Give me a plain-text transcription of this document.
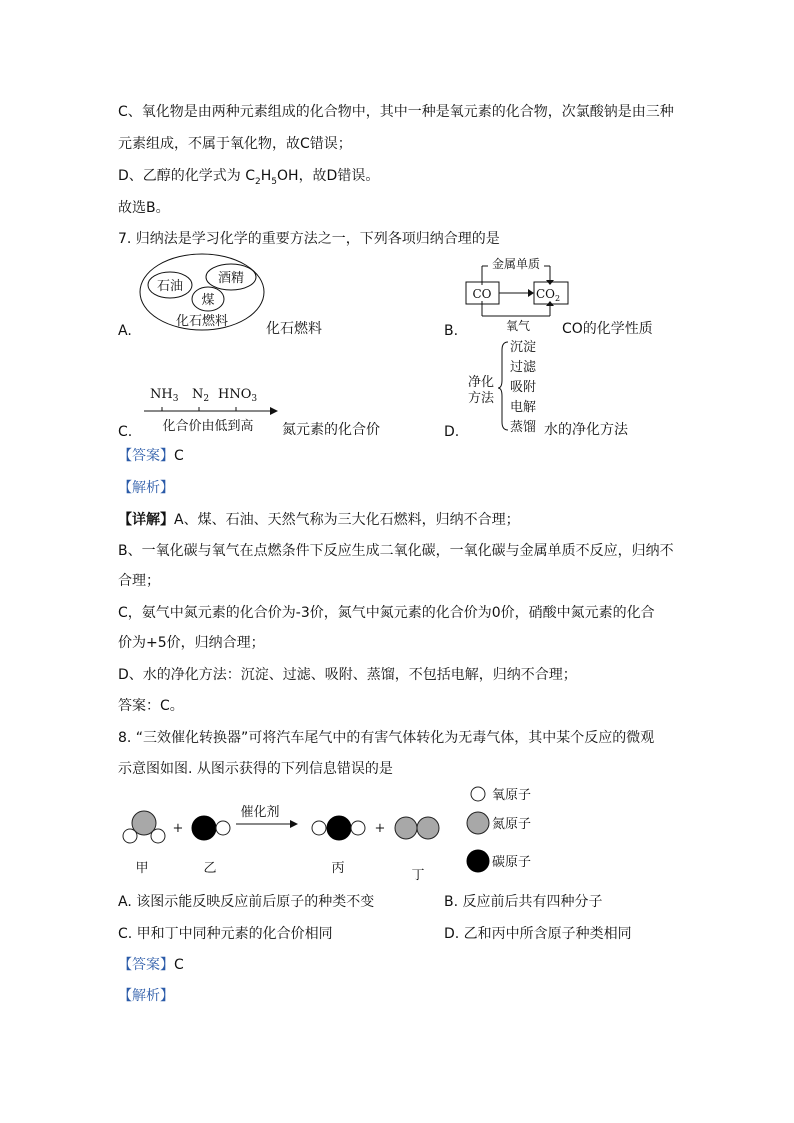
C、氧化物是由两种元素组成的化合物中，其中一种是氧元素的化合物，次氯酸钠是由三种
元素组成，不属于氧化物，故C错误；
D、乙醇的化学式为 $C_2H_5OH$，故D错误。
故选B。
7. 归纳法是学习化学的重要方法之一，下列各项归纳合理的是
石油
酒精
煤
化石燃料
A.	化石燃料
金属单质
CO	$CO_2$
氧气
B.	CO的化学性质
$NH_3$ $N_2$ $HNO_3$
化合价由低到高
C.	氮元素的化合价
净化
方法
沉淀
过滤
吸附
电解
蒸馏
D.	水的净化方法
【答案】C
【解析】
【详解】A、煤、石油、天然气称为三大化石燃料，归纳不合理；
B、一氧化碳与氧气在点燃条件下反应生成二氧化碳，一氧化碳与金属单质不反应，归纳不
合理；
C，氨气中氮元素的化合价为-3价，氮气中氮元素的化合价为0价，硝酸中氮元素的化合
价为+5价，归纳合理；
D、水的净化方法：沉淀、过滤、吸附、蒸馏，不包括电解，归纳不合理；
答案：C。
8. “三效催化转换器”可将汽车尾气中的有害气体转化为无毒气体，其中某个反应的微观
示意图如图. 从图示获得的下列信息错误的是
+
催化剂
+
甲	乙	丙	丁
氧原子
氮原子
碳原子
A. 该图示能反映反应前后原子的种类不变	B. 反应前后共有四种分子
C. 甲和丁中同种元素的化合价相同	D. 乙和丙中所含原子种类相同
【答案】C
【解析】
